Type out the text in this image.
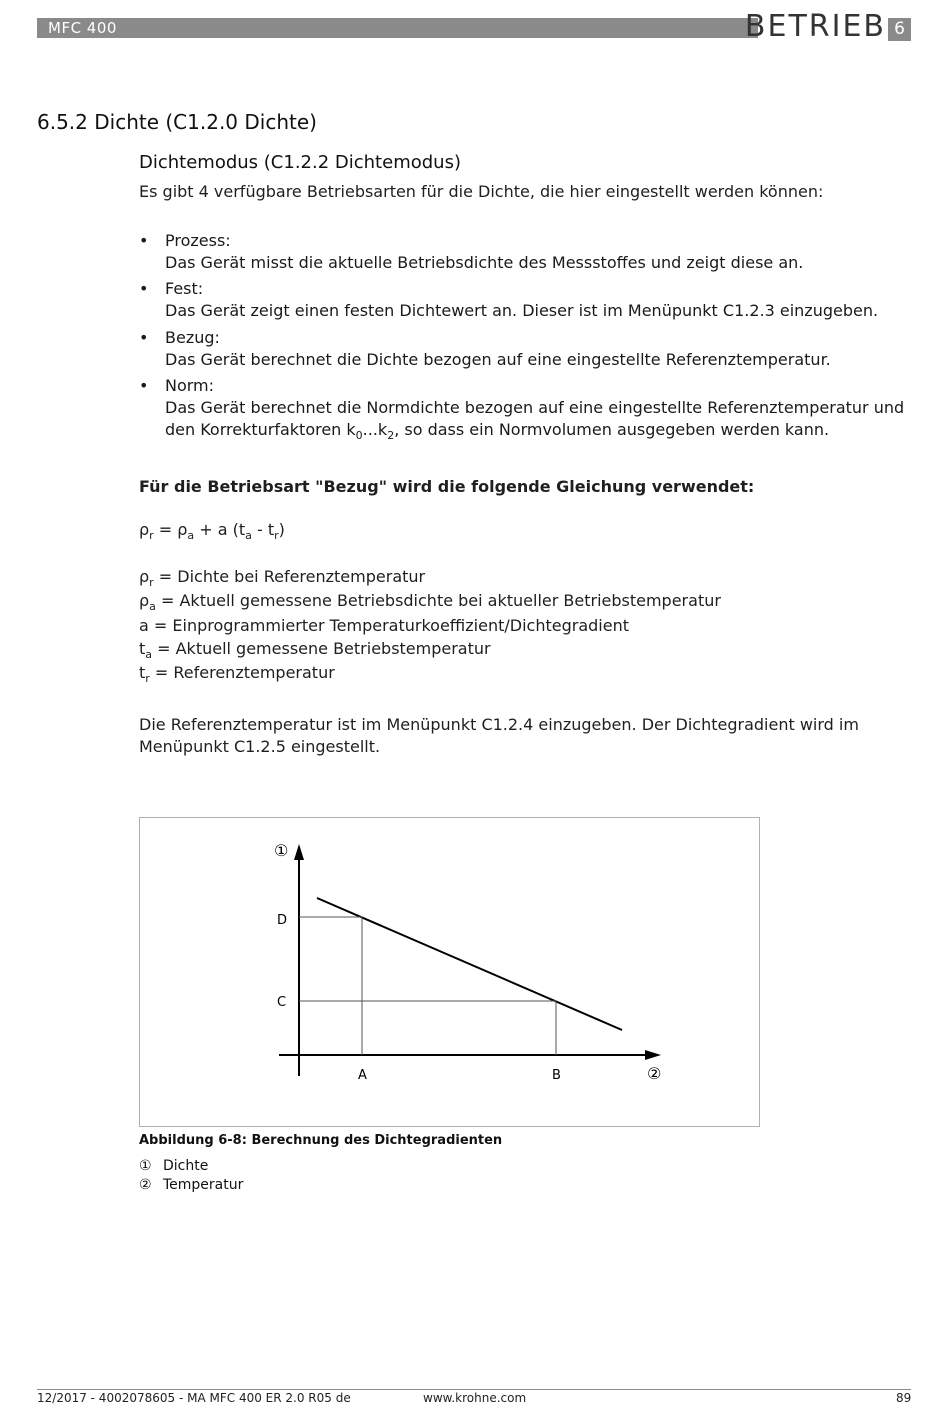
MFC 400	BETRIEB 6
6.5.2 Dichte (C1.2.0 Dichte)
Dichtemodus (C1.2.2 Dichtemodus)
Es gibt 4 verfügbare Betriebsarten für die Dichte, die hier eingestellt werden können:
• Prozess:
Das Gerät misst die aktuelle Betriebsdichte des Messstoffes und zeigt diese an.
• Fest:
Das Gerät zeigt einen festen Dichtewert an. Dieser ist im Menüpunkt C1.2.3 einzugeben.
• Bezug:
Das Gerät berechnet die Dichte bezogen auf eine eingestellte Referenztemperatur.
• Norm:
Das Gerät berechnet die Normdichte bezogen auf eine eingestellte Referenztemperatur und
den Korrekturfaktoren $k_0...k_2$, so dass ein Normvolumen ausgegeben werden kann.
Für die Betriebsart "Bezug" wird die folgende Gleichung verwendet:
$\rho_r = \rho_a + a$ $(t_a - t_r)$
$\rho_r$ = Dichte bei Referenztemperatur
$\rho_a$ = Aktuell gemessene Betriebsdichte bei aktueller Betriebstemperatur
a = Einprogrammierter Temperaturkoeffizient/Dichtegradient
$t_a$ = Aktuell gemessene Betriebstemperatur
$t_r$ = Referenztemperatur
Die Referenztemperatur ist im Menüpunkt C1.2.4 einzugeben. Der Dichtegradient wird im
Menüpunkt C1.2.5 eingestellt.
①
D
C
A	B	②
Abbildung 6-8: Berechnung des Dichtegradienten
① Dichte
② Temperatur
12/2017 - 4002078605 - MA MFC 400 ER 2.0 R05 de	www.krohne.com	89
